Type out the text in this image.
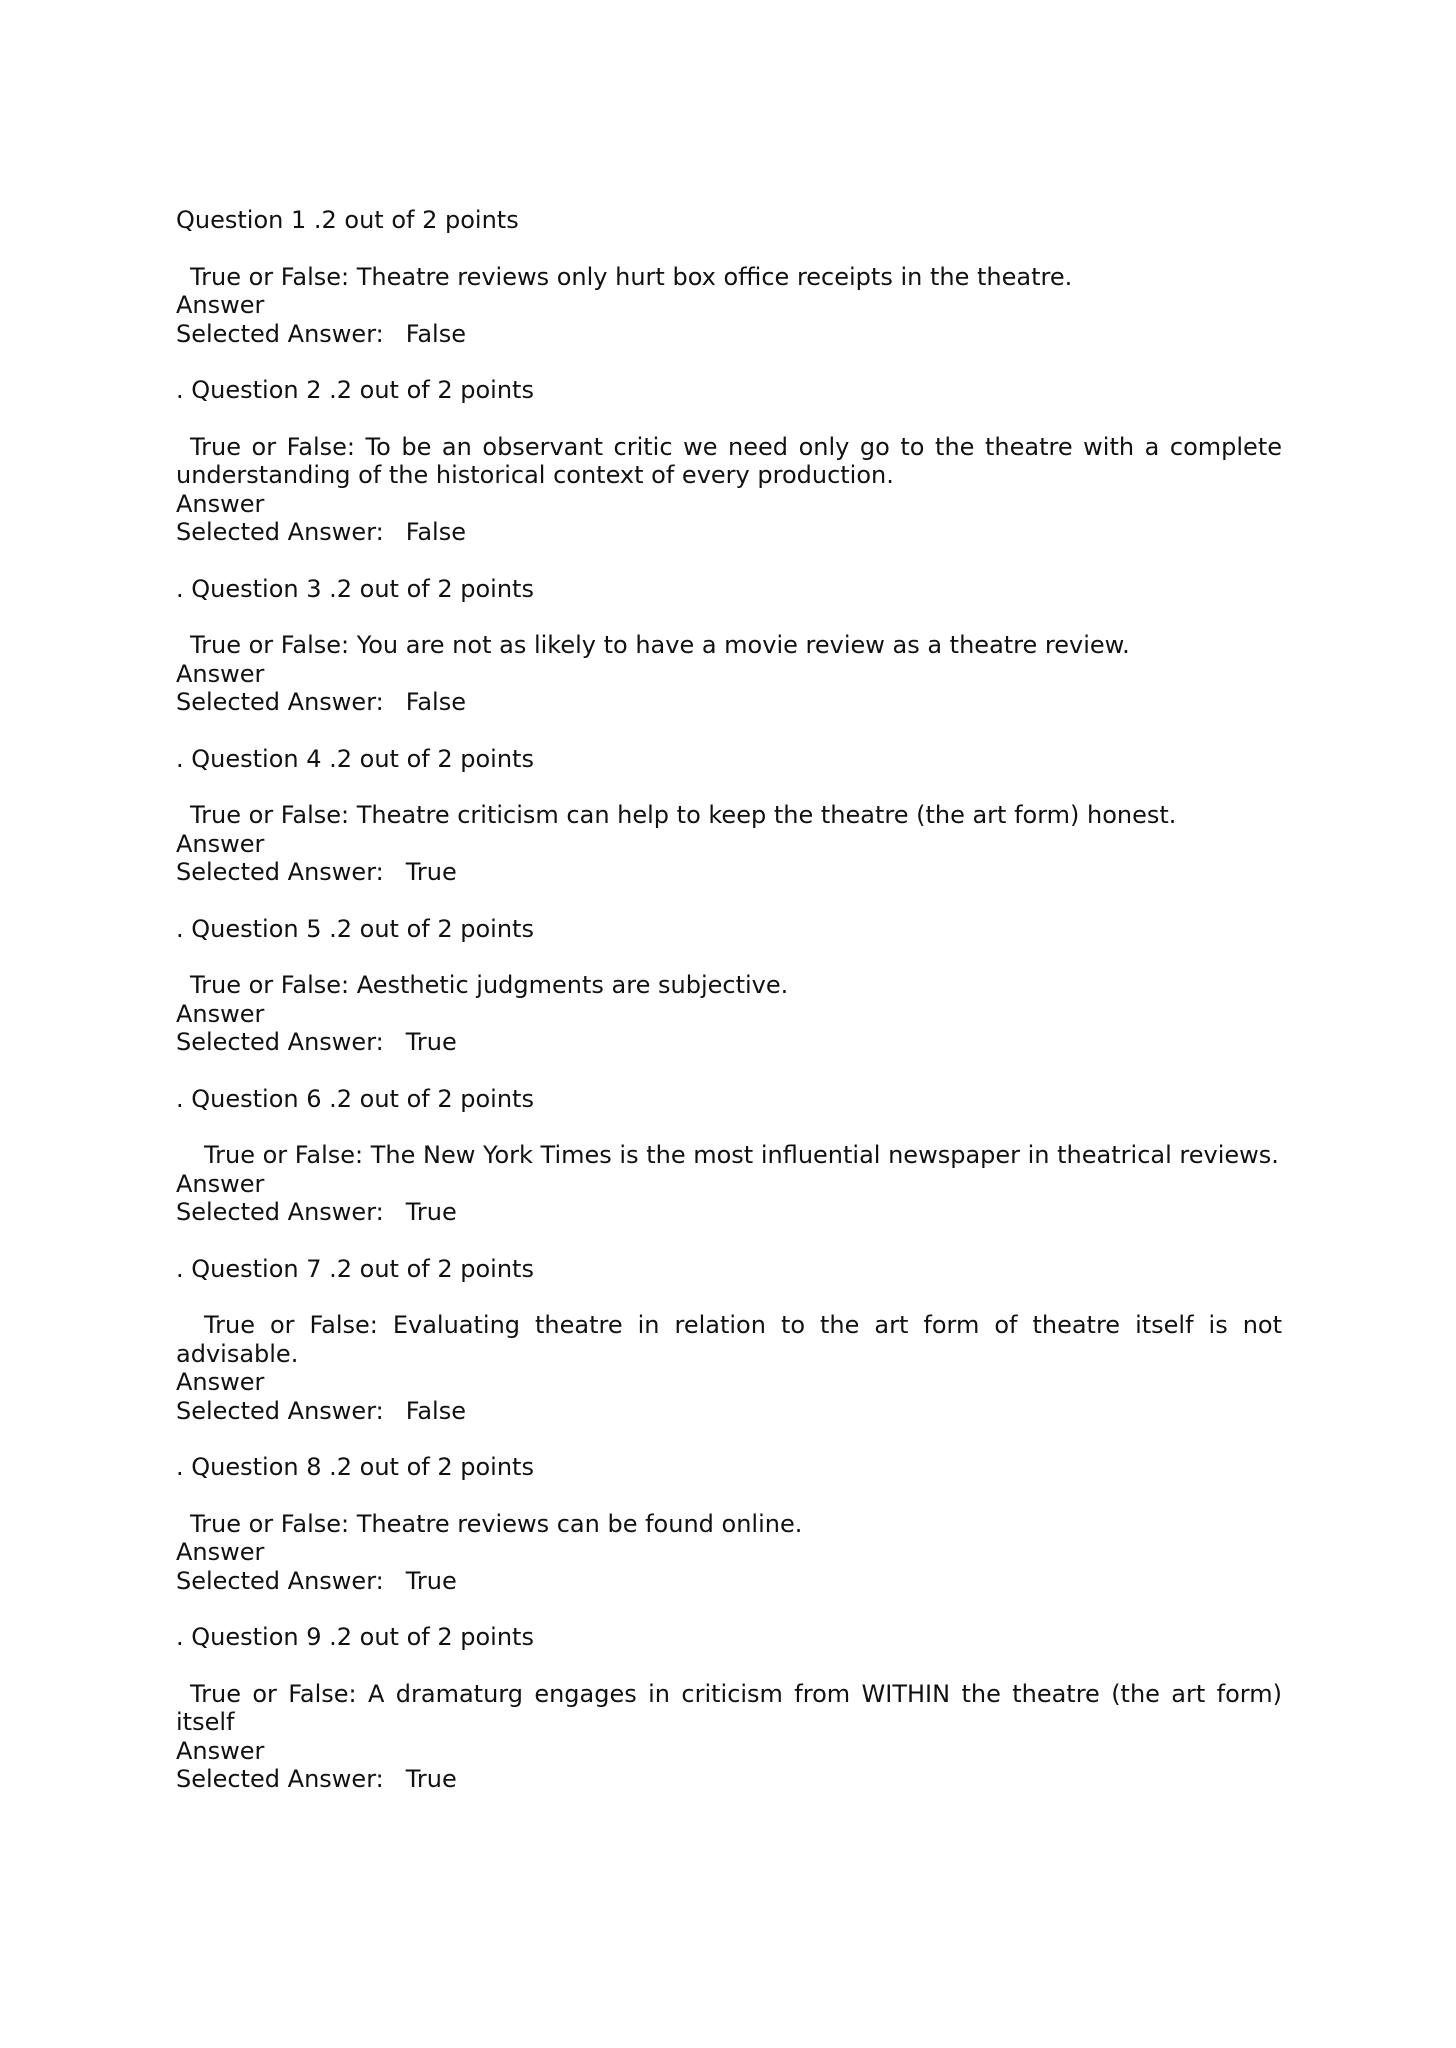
Question 1 .2 out of 2 points
True or False: Theatre reviews only hurt box office receipts in the theatre.
Answer
Selected Answer: False
. Question 2 .2 out of 2 points
True or False: To be an observant critic we need only go to the theatre with a complete understanding of the historical context of every production.
Answer
Selected Answer: False
. Question 3 .2 out of 2 points
True or False: You are not as likely to have a movie review as a theatre review.
Answer
Selected Answer: False
. Question 4 .2 out of 2 points
True or False: Theatre criticism can help to keep the theatre (the art form) honest.
Answer
Selected Answer: True
. Question 5 .2 out of 2 points
True or False: Aesthetic judgments are subjective.
Answer
Selected Answer: True
. Question 6 .2 out of 2 points
True or False: The New York Times is the most influential newspaper in theatrical reviews.
Answer
Selected Answer: True
. Question 7 .2 out of 2 points
True or False: Evaluating theatre in relation to the art form of theatre itself is not advisable.
Answer
Selected Answer: False
. Question 8 .2 out of 2 points
True or False: Theatre reviews can be found online.
Answer
Selected Answer: True
. Question 9 .2 out of 2 points
True or False: A dramaturg engages in criticism from WITHIN the theatre (the art form) itself
Answer
Selected Answer: True
